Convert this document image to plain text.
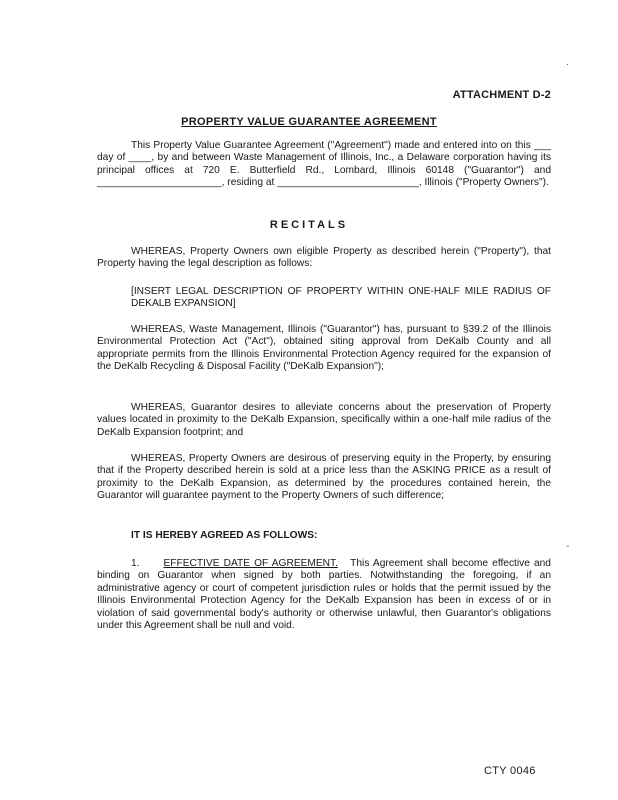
.
ATTACHMENT D-2
PROPERTY VALUE GUARANTEE AGREEMENT

This Property Value Guarantee Agreement ("Agreement") made and entered into on this ___ day of ____, by and between Waste Management of Illinois, Inc., a Delaware corporation having its principal offices at 720 E. Butterfield Rd., Lombard, Illinois 60148 ("Guarantor") and ______________________, residing at _________________________, Illinois ("Property Owners").

RECITALS

WHEREAS, Property Owners own eligible Property as described herein ("Property"), that Property having the legal description as follows:

[INSERT LEGAL DESCRIPTION OF PROPERTY WITHIN ONE-HALF MILE RADIUS OF DEKALB EXPANSION]

WHEREAS, Waste Management, Illinois ("Guarantor") has, pursuant to §39.2 of the Illinois Environmental Protection Act ("Act"), obtained siting approval from DeKalb County and all appropriate permits from the Illinois Environmental Protection Agency required for the expansion of the DeKalb Recycling & Disposal Facility ("DeKalb Expansion");

WHEREAS, Guarantor desires to alleviate concerns about the preservation of Property values located in proximity to the DeKalb Expansion, specifically within a one-half mile radius of the DeKalb Expansion footprint; and

WHEREAS, Property Owners are desirous of preserving equity in the Property, by ensuring that if the Property described herein is sold at a price less than the ASKING PRICE as a result of proximity to the DeKalb Expansion, as determined by the procedures contained herein, the Guarantor will guarantee payment to the Property Owners of such difference;

IT IS HEREBY AGREED AS FOLLOWS:
-

1. EFFECTIVE DATE OF AGREEMENT. This Agreement shall become effective and binding on Guarantor when signed by both parties. Notwithstanding the foregoing, if an administrative agency or court of competent jurisdiction rules or holds that the permit issued by the Illinois Environmental Protection Agency for the DeKalb Expansion has been in excess of or in violation of said governmental body's authority or otherwise unlawful, then Guarantor's obligations under this Agreement shall be null and void.

CTY 0046
